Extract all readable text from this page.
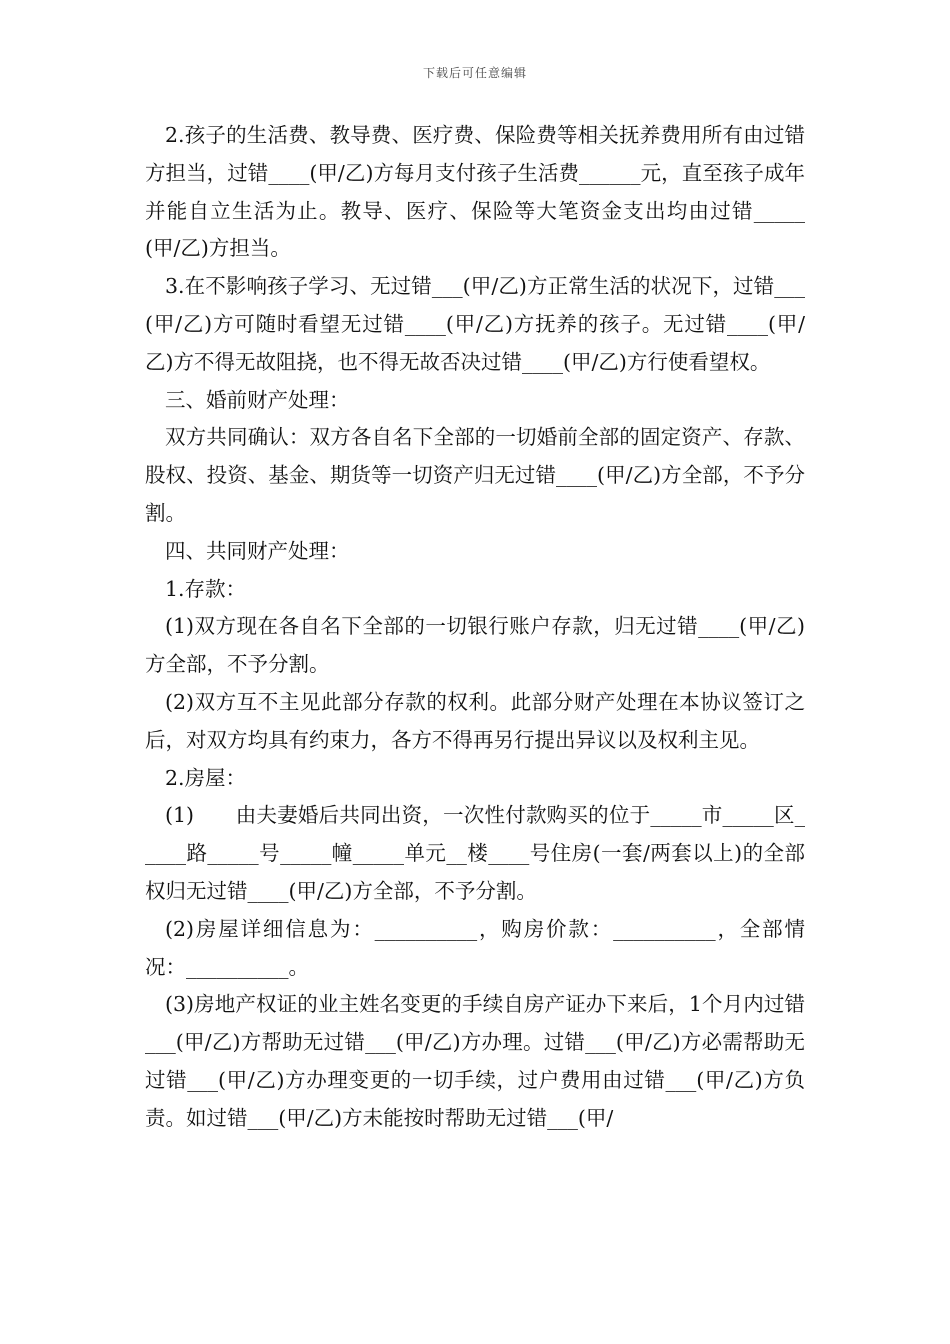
下载后可任意编辑

2.孩子的生活费、教导费、医疗费、保险费等相关抚养费用所有由过错方担当，过错____(甲/乙)方每月支付孩子生活费______元，直至孩子成年并能自立生活为止。教导、医疗、保险等大笔资金支出均由过错_____(甲/乙)方担当。

3.在不影响孩子学习、无过错___(甲/乙)方正常生活的状况下，过错___(甲/乙)方可随时看望无过错____(甲/乙)方抚养的孩子。无过错____(甲/乙)方不得无故阻挠，也不得无故否决过错____(甲/乙)方行使看望权。

三、婚前财产处理：

双方共同确认：双方各自名下全部的一切婚前全部的固定资产、存款、股权、投资、基金、期货等一切资产归无过错____(甲/乙)方全部，不予分割。

四、共同财产处理：

1.存款：

(1)双方现在各自名下全部的一切银行账户存款，归无过错____(甲/乙)方全部，不予分割。

(2)双方互不主见此部分存款的权利。此部分财产处理在本协议签订之后，对双方均具有约束力，各方不得再另行提出异议以及权利主见。

2.房屋：

(1)　　由夫妻婚后共同出资，一次性付款购买的位于_____市_____区_____路_____号_____幢_____单元__楼____号住房(一套/两套以上)的全部权归无过错____(甲/乙)方全部，不予分割。

(2)房屋详细信息为：__________，购房价款：__________，全部情况：__________。

(3)房地产权证的业主姓名变更的手续自房产证办下来后，1个月内过错___(甲/乙)方帮助无过错___(甲/乙)方办理。过错___(甲/乙)方必需帮助无过错___(甲/乙)方办理变更的一切手续，过户费用由过错___(甲/乙)方负责。如过错___(甲/乙)方未能按时帮助无过错___(甲/
